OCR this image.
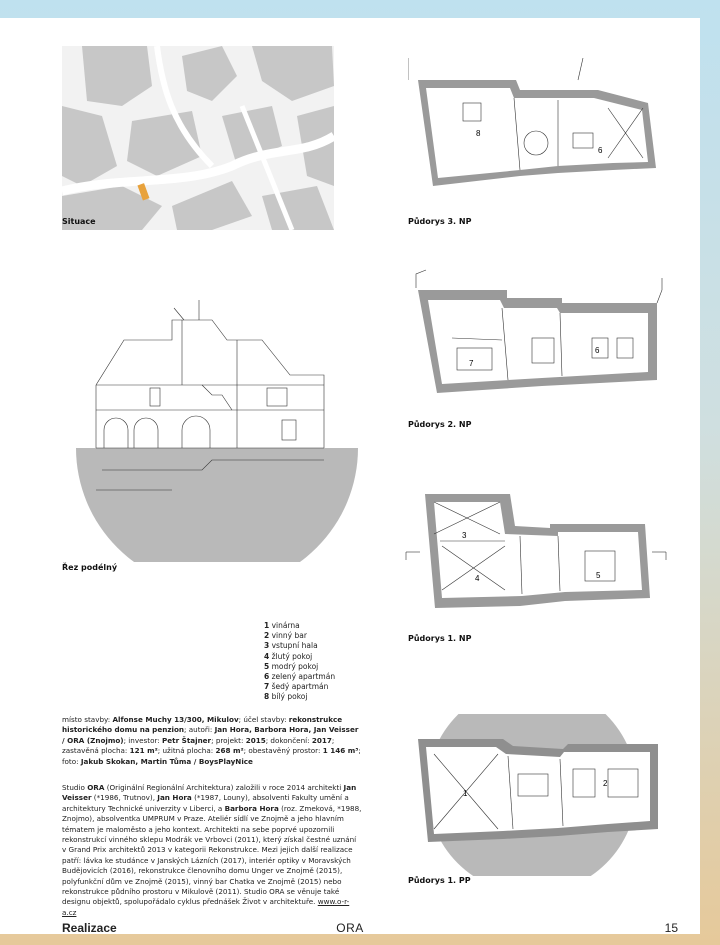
Situace
Řez podélný
8
6
Půdorys 3. NP
7
6
Půdorys 2. NP
3
4	5
Půdorys 1. NP
1
2
Půdorys 1. PP
1 vinárna
2 vinný bar
3 vstupní hala
4 žlutý pokoj
5 modrý pokoj
6 zelený apartmán
7 šedý apartmán
8 bílý pokoj
místo stavby: Alfonse Muchy 13/300, Mikulov; účel stavby: rekonstrukce historického domu na penzion; autoři: Jan Hora, Barbora Hora, Jan Veisser / ORA (Znojmo); investor: Petr Štajner; projekt: 2015; dokončení: 2017; zastavěná plocha: 121 m²; užitná plocha: 268 m²; obestavěný prostor: 1 146 m³; foto: Jakub Skokan, Martin Tůma / BoysPlayNice
Studio ORA (Originální Regionální Architektura) založili v roce 2014 architekti Jan Veisser (*1986, Trutnov), Jan Hora (*1987, Louny), absolventi Fakulty umění a architektury Technické univerzity v Liberci, a Barbora Hora (roz. Zmeková, *1988, Znojmo), absolventka UMPRUM v Praze. Ateliér sídlí ve Znojmě a jeho hlavním tématem je maloměsto a jeho kontext. Architekti na sebe poprvé upozornili rekonstrukcí vinného sklepu Modrák ve Vrbovci (2011), který získal čestné uznání v Grand Prix architektů 2013 v kategorii Rekonstrukce. Mezi jejich další realizace patří: lávka ke studánce v Janských Lázních (2017), interiér optiky v Moravských Budějovicích (2016), rekonstrukce členovního domu Unger ve Znojmě (2015), polyfunkční dům ve Znojmě (2015), vinný bar Chatka ve Znojmě (2015) nebo rekonstrukce půdního prostoru v Mikulově (2011). Studio ORA se věnuje také designu objektů, spolupořádalo cyklus přednášek Život v architektuře. www.o-r-a.cz
Realizace	ORA	15
